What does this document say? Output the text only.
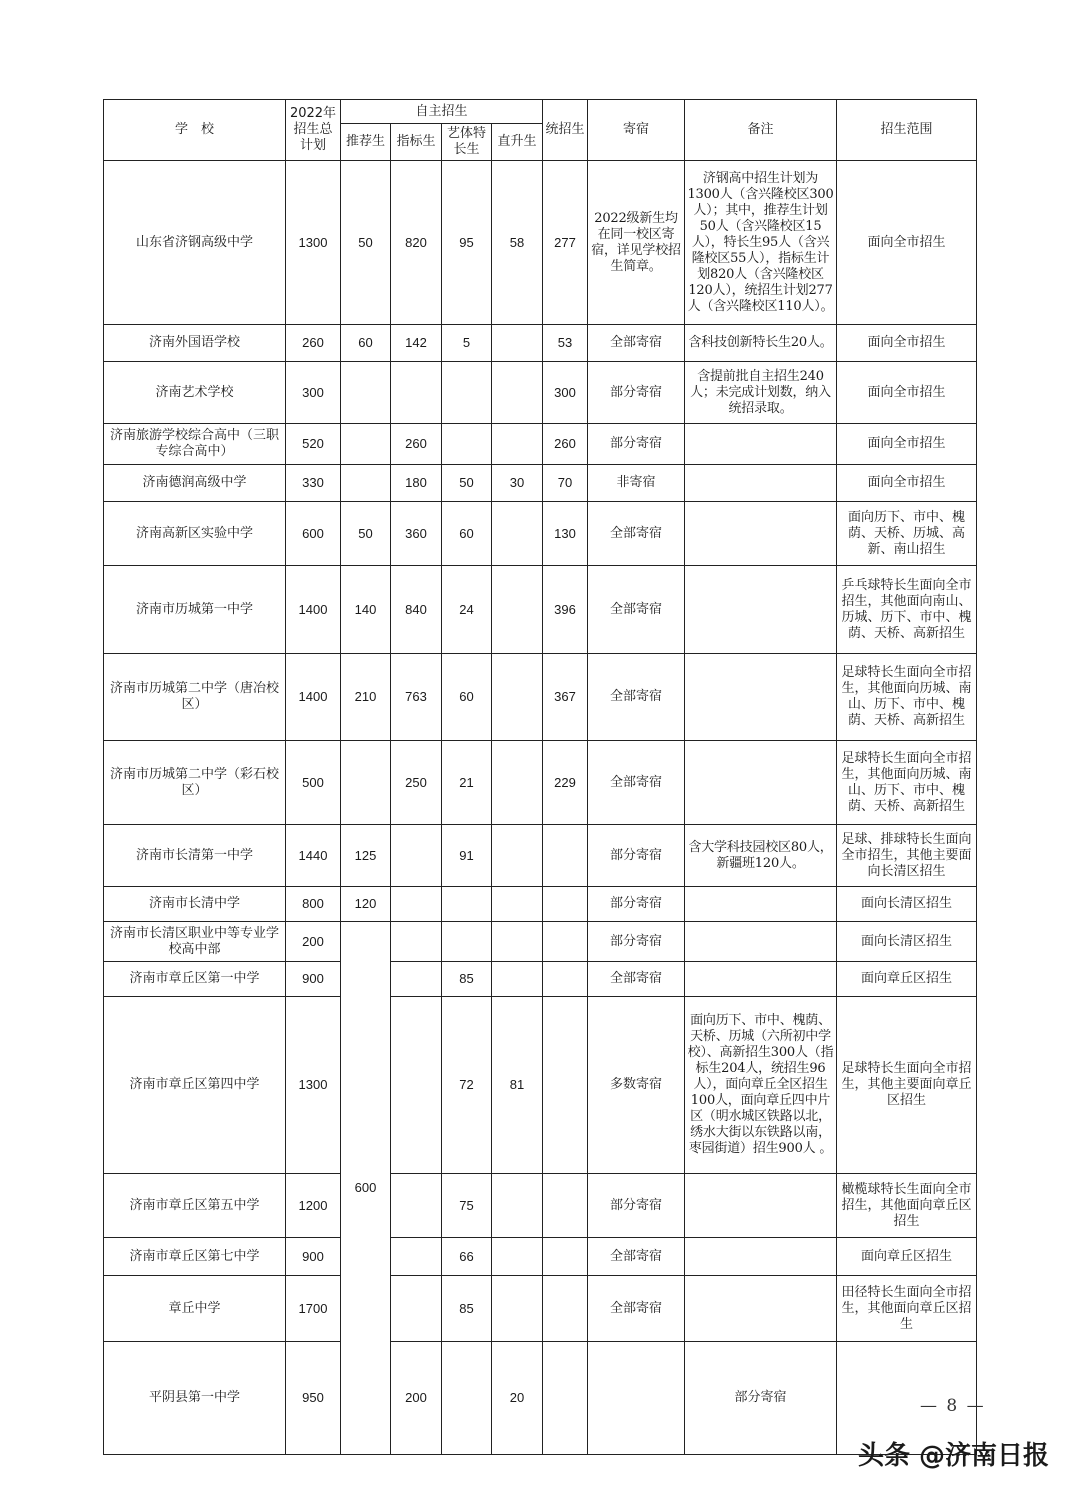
学　校	2022年招生总计划	自主招生				统招生	寄宿	备注	招生范围	
		推荐生	指标生	艺体特长生	直升生					
山东省济钢高级中学	1300	50	820	95	58	277	2022级新生均在同一校区寄宿，详见学校招生简章。	济钢高中招生计划为1300人（含兴隆校区300人）；其中，推荐生计划50人（含兴隆校区15人），特长生95人（含兴隆校区55人），指标生计划820人（含兴隆校区120人），统招生计划277人（含兴隆校区110人）。	面向全市招生	
济南外国语学校	260	60	142	5		53	全部寄宿	含科技创新特长生20人。	面向全市招生	
济南艺术学校	300					300	部分寄宿	含提前批自主招生240人；未完成计划数，纳入统招录取。	面向全市招生	
济南旅游学校综合高中（三职专综合高中）	520		260			260	部分寄宿		面向全市招生	
济南德润高级中学	330		180	50	30	70	非寄宿		面向全市招生	
济南高新区实验中学	600	50	360	60		130	全部寄宿		面向历下、市中、槐荫、天桥、历城、高新、南山招生	
济南市历城第一中学	1400	140	840	24		396	全部寄宿		乒乓球特长生面向全市招生，其他面向南山、历城、历下、市中、槐荫、天桥、高新招生	
济南市历城第二中学（唐冶校区）	1400	210	763	60		367	全部寄宿		足球特长生面向全市招生，其他面向历城、南山、历下、市中、槐荫、天桥、高新招生	
济南市历城第二中学（彩石校区）	500		250	21		229	全部寄宿		足球特长生面向全市招生，其他面向历城、南山、历下、市中、槐荫、天桥、高新招生	
济南市长清第一中学	1440	125		91			部分寄宿	含大学科技园校区80人，新疆班120人。	足球、排球特长生面向全市招生，其他主要面向长清区招生	
济南市长清中学	800	120					部分寄宿		面向长清区招生	
济南市长清区职业中等专业学校高中部	200	600					部分寄宿		面向长清区招生	
济南市章丘区第一中学	900			85			全部寄宿		面向章丘区招生	
济南市章丘区第四中学	1300			72	81		多数寄宿	面向历下、市中、槐荫、天桥、历城（六所初中学校）、高新招生300人（指标生204人，统招生96人），面向章丘全区招生100人，面向章丘四中片区（明水城区铁路以北，绣水大街以东铁路以南，枣园街道）招生900人 。	足球特长生面向全市招生，其他主要面向章丘区招生	
济南市章丘区第五中学	1200			75			部分寄宿		橄榄球特长生面向全市招生，其他面向章丘区招生	
济南市章丘区第七中学	900			66			全部寄宿		面向章丘区招生	
章丘中学	1700			85			全部寄宿		田径特长生面向全市招生，其他面向章丘区招生	
平阴县第一中学	950		200		20			部分寄宿			— 8 —
头条 @济南日报
